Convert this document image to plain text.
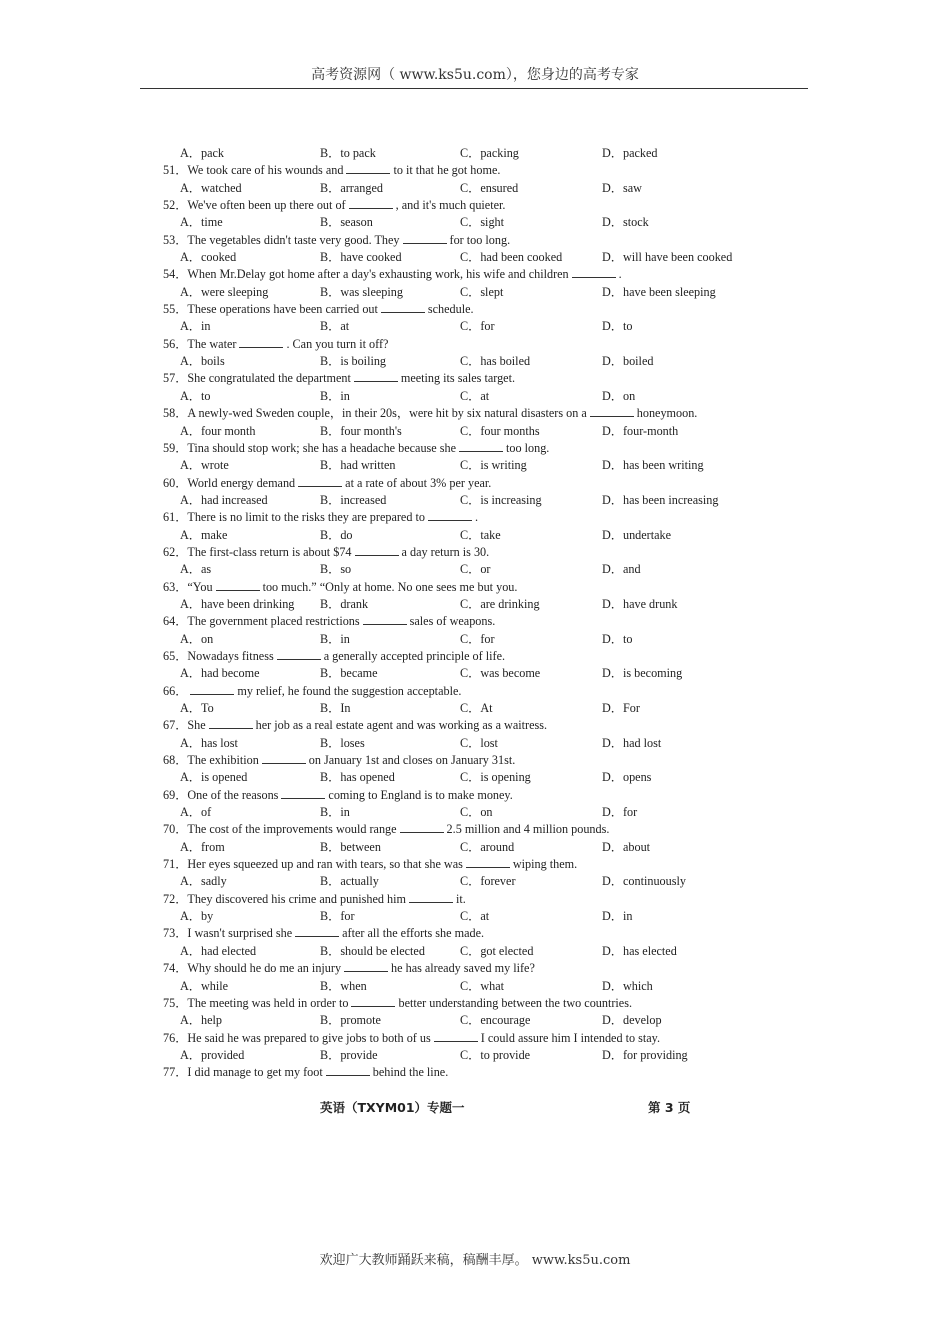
高考资源网（ www.ks5u.com），您身边的高考专家
A．pack	B．to pack	C．packing	D．packed
51．We took care of his wounds and	to it that he got home.
A．watched	B．arranged	C．ensured	D．saw
52．We've often been up there out of	, and it's much quieter.
A．time	B．season	C．sight	D．stock
53．The vegetables didn't taste very good. They	for too long.
A．cooked	B．have cooked	C．had been cooked	D．will have been cooked
54．When Mr.Delay got home after a day's exhausting work, his wife and children	.
A．were sleeping	B．was sleeping	C．slept	D．have been sleeping
55．These operations have been carried out	schedule.
A．in	B．at	C．for	D．to
56．The water	. Can you turn it off?
A．boils	B．is boiling	C．has boiled	D．boiled
57．She congratulated the department	meeting its sales target.
A．to	B．in	C．at	D．on
58．A newly-wed Sweden couple，in their 20s，were hit by six natural disasters on a	honeymoon.
A．four month	B．four month's	C．four months	D．four-month
59．Tina should stop work; she has a headache because she	too long.
A．wrote	B．had written	C．is writing	D．has been writing
60．World energy demand	at a rate of about 3% per year.
A．had increased	B．increased	C．is increasing	D．has been increasing
61．There is no limit to the risks they are prepared to	.
A．make	B．do	C．take	D．undertake
62．The first-class return is about $74	a day return is 30.
A．as	B．so	C．or	D．and
63．“You	too much.” “Only at home. No one sees me but you.
A．have been drinking B．drank	C．are drinking	D．have drunk
64．The government placed restrictions	sales of weapons.
A．on	B．in	C．for	D．to
65．Nowadays fitness	a generally accepted principle of life.
A．had become	B．became	C．was become	D．is becoming
66．	my relief, he found the suggestion acceptable.
A．To	B．In	C．At	D．For
67．She	her job as a real estate agent and was working as a waitress.
A．has lost	B．loses	C．lost	D．had lost
68．The exhibition	on January 1st and closes on January 31st.
A．is opened	B．has opened	C．is opening	D．opens
69．One of the reasons	coming to England is to make money.
A．of	B．in	C．on	D．for
70．The cost of the improvements would range	2.5 million and 4 million pounds.
A．from	B．between	C．around	D．about
71．Her eyes squeezed up and ran with tears, so that she was	wiping them.
A．sadly	B．actually	C．forever	D．continuously
72．They discovered his crime and punished him	it.
A．by	B．for	C．at	D．in
73．I wasn't surprised she	after all the efforts she made.
A．had elected	B．should be elected	C．got elected	D．has elected
74．Why should he do me an injury	he has already saved my life?
A．while	B．when	C．what	D．which
75．The meeting was held in order to	better understanding between the two countries.
A．help	B．promote	C．encourage	D．develop
76．He said he was prepared to give jobs to both of us	I could assure him I intended to stay.
A．provided	B．provide	C．to provide	D．for providing
77．I did manage to get my foot	behind the line.
英语（TXYM01）专题一	第 3 页
欢迎广大教师踊跃来稿，稿酬丰厚。 www.ks5u.com
